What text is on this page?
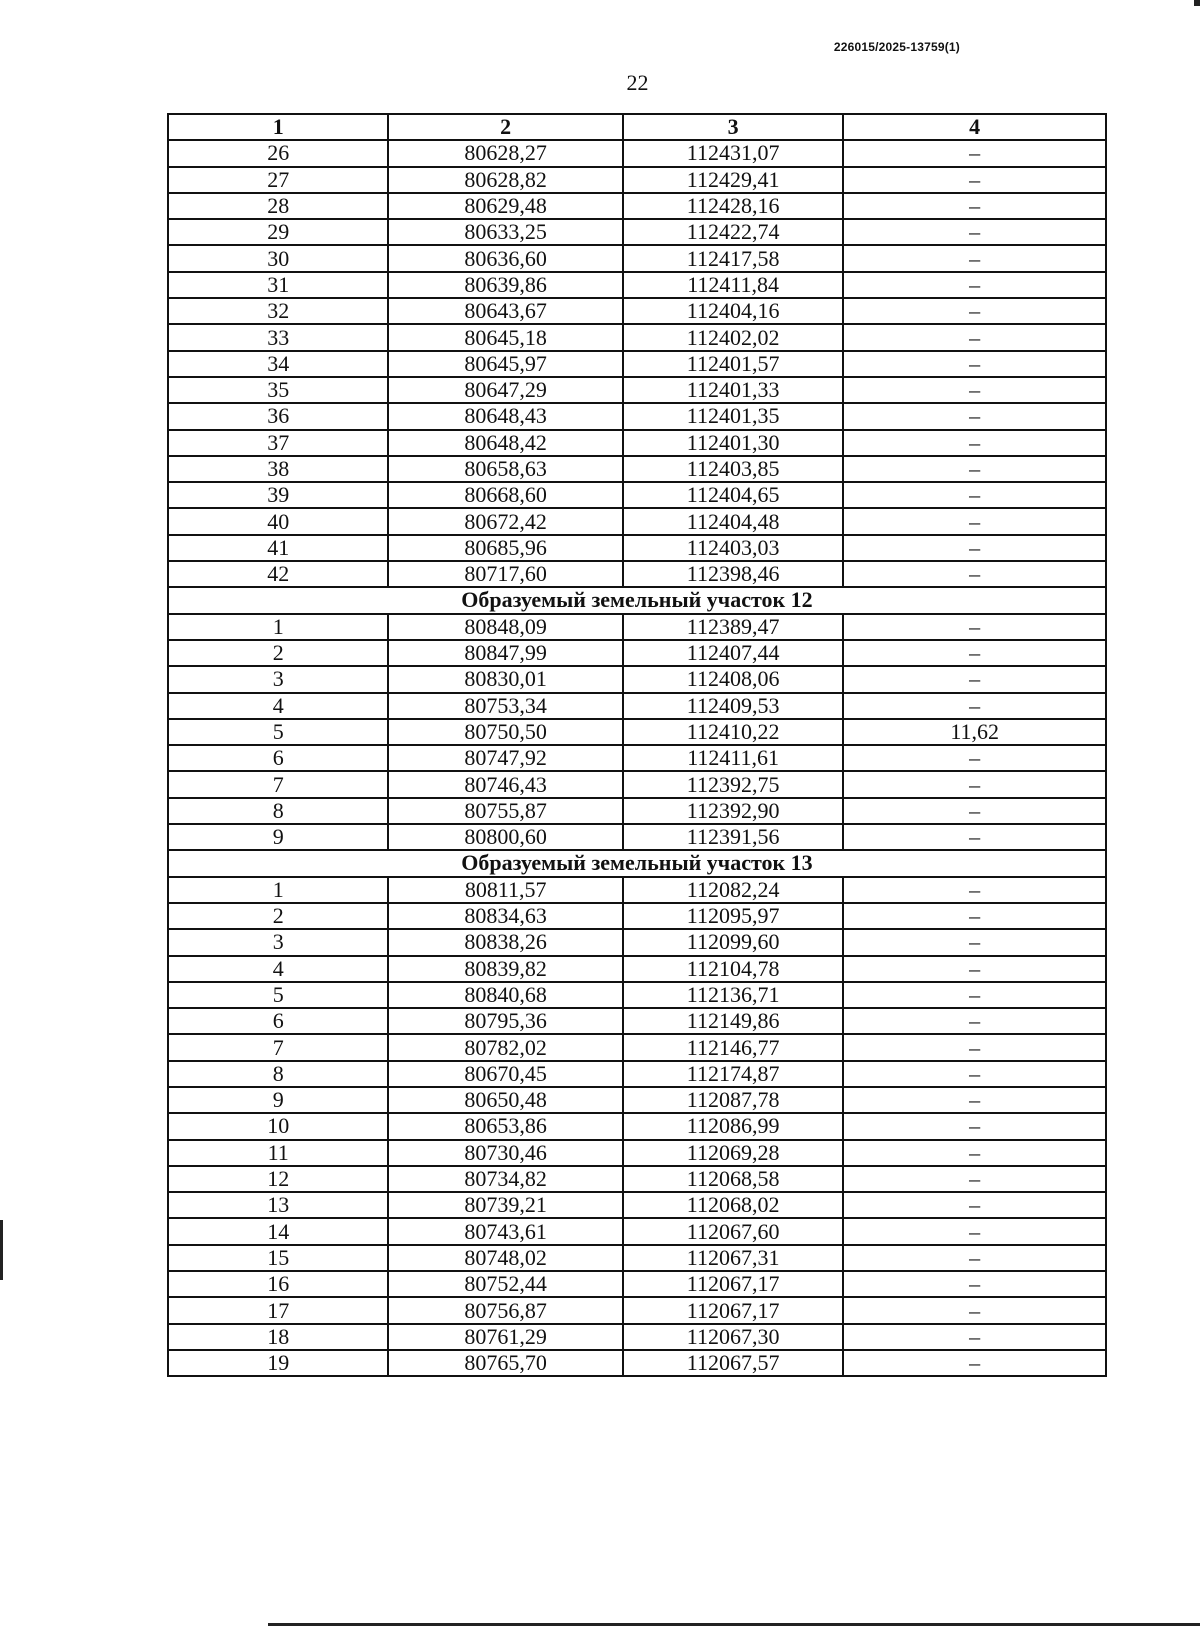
226015/2025-13759(1)
22
1	2	3	4
26	80628,27	112431,07	–
27	80628,82	112429,41	–
28	80629,48	112428,16	–
29	80633,25	112422,74	–
30	80636,60	112417,58	–
31	80639,86	112411,84	–
32	80643,67	112404,16	–
33	80645,18	112402,02	–
34	80645,97	112401,57	–
35	80647,29	112401,33	–
36	80648,43	112401,35	–
37	80648,42	112401,30	–
38	80658,63	112403,85	–
39	80668,60	112404,65	–
40	80672,42	112404,48	–
41	80685,96	112403,03	–
42	80717,60	112398,46	–
Образуемый земельный участок 12			
1	80848,09	112389,47	–
2	80847,99	112407,44	–
3	80830,01	112408,06	–
4	80753,34	112409,53	–
5	80750,50	112410,22	11,62
6	80747,92	112411,61	–
7	80746,43	112392,75	–
8	80755,87	112392,90	–
9	80800,60	112391,56	–
Образуемый земельный участок 13			
1	80811,57	112082,24	–
2	80834,63	112095,97	–
3	80838,26	112099,60	–
4	80839,82	112104,78	–
5	80840,68	112136,71	–
6	80795,36	112149,86	–
7	80782,02	112146,77	–
8	80670,45	112174,87	–
9	80650,48	112087,78	–
10	80653,86	112086,99	–
11	80730,46	112069,28	–
12	80734,82	112068,58	–
13	80739,21	112068,02	–
14	80743,61	112067,60	–
15	80748,02	112067,31	–
16	80752,44	112067,17	–
17	80756,87	112067,17	–
18	80761,29	112067,30	–
19	80765,70	112067,57	–
